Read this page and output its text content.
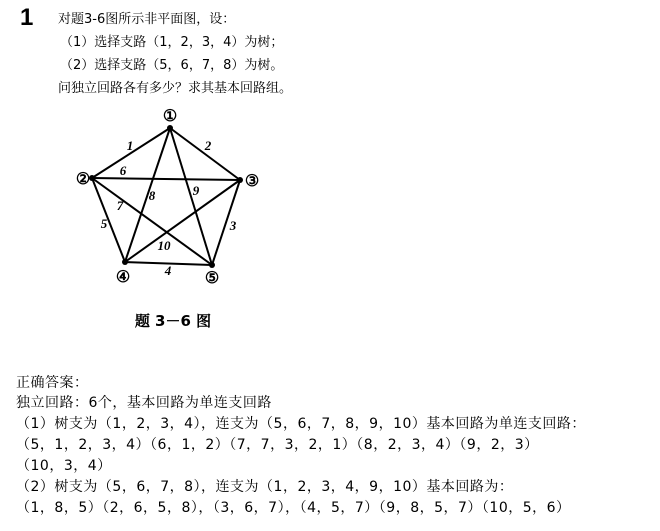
1 对题3-6图所示非平面图，设：
（1）选择支路（1，2，3，4）为树；
（2）选择支路（5，6，7，8）为树。
问独立回路各有多少？求其基本回路组。
①
②	③
④	⑤
1	2
3
4
5
6
7
8	9
10
题 3－6 图
正确答案：
独立回路：6个，基本回路为单连支回路
（1）树支为（1，2，3，4），连支为（5，6，7，8，9，10）基本回路为单连支回路：
（5，1，2，3，4）（6，1，2）（7，7，3，2，1）（8，2，3，4）（9，2，3）
（10，3，4）
（2）树支为（5，6，7，8），连支为（1，2，3，4，9，10）基本回路为：
（1，8，5）（2，6，5，8），（3，6，7），（4，5，7）（9，8，5，7）（10，5，6）
